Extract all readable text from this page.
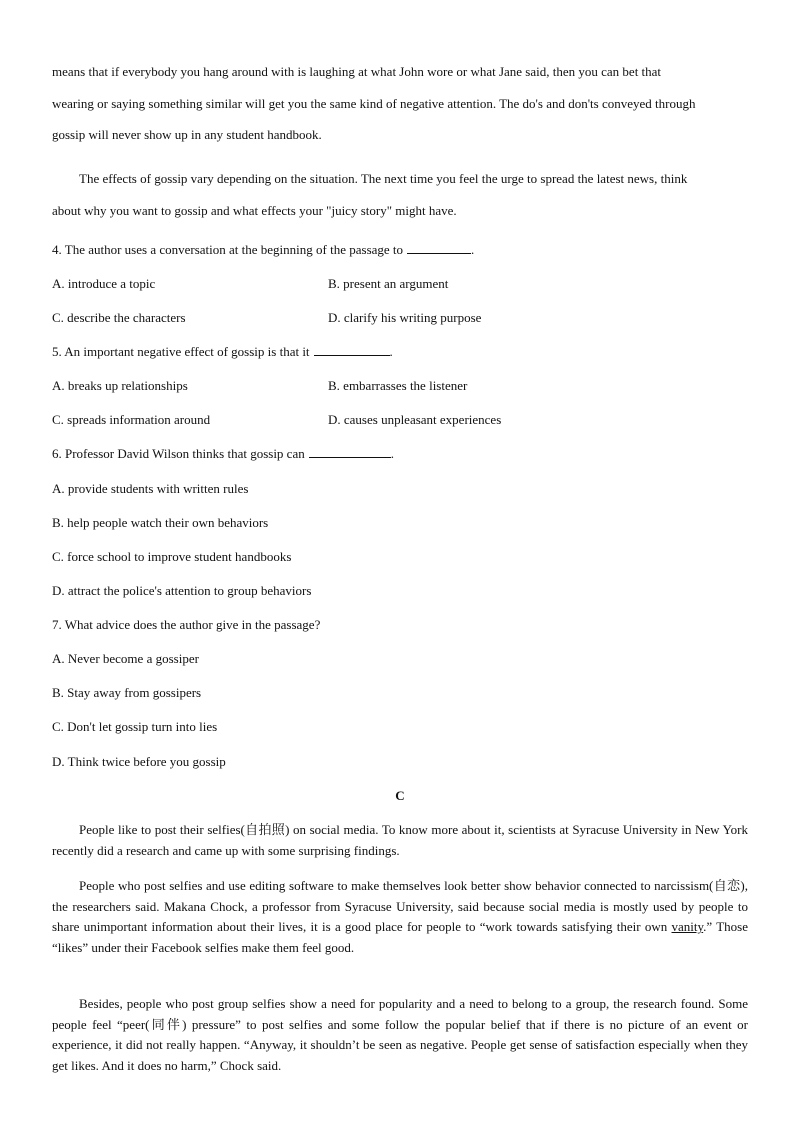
means that if everybody you hang around with is laughing at what John wore or what Jane said, then you can bet that
wearing or saying something similar will get you the same kind of negative attention. The do's and don'ts conveyed through
gossip will never show up in any student handbook.
The effects of gossip vary depending on the situation. The next time you feel the urge to spread the latest news, think
about why you want to gossip and what effects your "juicy story" might have.
4. The author uses a conversation at the beginning of the passage to	.
A. introduce a topic	B. present an argument
C. describe the characters	D. clarify his writing purpose
5. An important negative effect of gossip is that it	.
A. breaks up relationships	B. embarrasses the listener
C. spreads information around	D. causes unpleasant experiences
6. Professor David Wilson thinks that gossip can	.
A. provide students with written rules
B. help people watch their own behaviors
C. force school to improve student handbooks
D. attract the police's attention to group behaviors
7. What advice does the author give in the passage?
A. Never become a gossiper
B. Stay away from gossipers
C. Don't let gossip turn into lies
D. Think twice before you gossip
C
People like to post their selfies(自拍照) on social media. To know more about it, scientists at Syracuse University in New York recently did a research and came up with some surprising findings.
People who post selfies and use editing software to make themselves look better show behavior connected to narcissism(自恋), the researchers said. Makana Chock, a professor from Syracuse University, said because social media is mostly used by people to share unimportant information about their lives, it is a good place for people to “work towards satisfying their own vanity.” Those “likes” under their Facebook selfies make them feel good.
Besides, people who post group selfies show a need for popularity and a need to belong to a group, the research found. Some people feel “peer(同伴) pressure” to post selfies and some follow the popular belief that if there is no picture of an event or experience, it did not really happen. “Anyway, it shouldn’t be seen as negative. People get sense of satisfaction especially when they get likes. And it does no harm,” Chock said.
